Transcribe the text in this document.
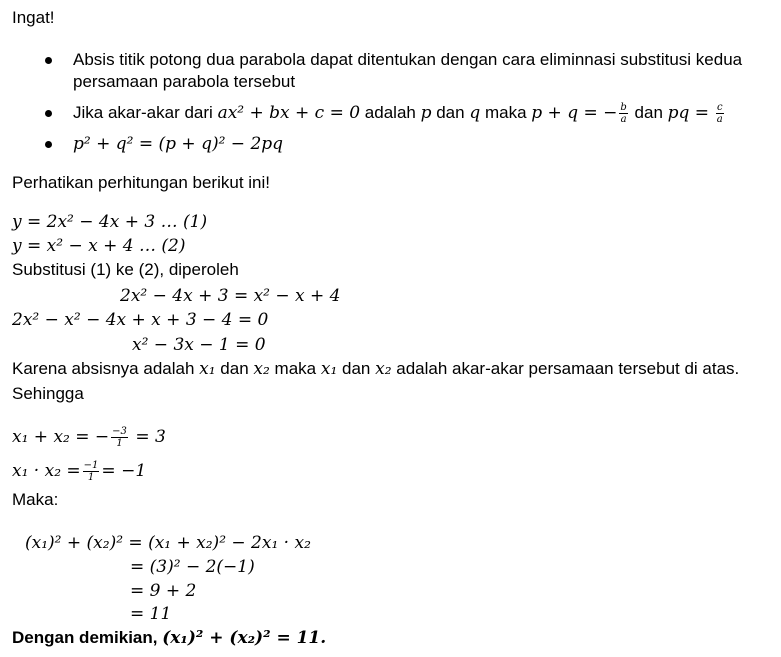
Ingat!
Absis titik potong dua parabola dapat ditentukan dengan cara eliminnasi substitusi kedua
persamaan parabola tersebut
Jika akar-akar dari ax² + bx + c = 0 adalah p dan q maka p + q = − $\frac{b}{a}$ dan pq = $\frac{c}{a}$
p² + q² = (p + q)² − 2pq
Perhatikan perhitungan berikut ini!
y = 2x² − 4x + 3 … (1)
y = x² − x + 4 … (2)
Substitusi (1) ke (2), diperoleh
2x² − 4x + 3 = x² − x + 4
2x² − x² − 4x + x + 3 − 4 = 0
x² − 3x − 1 = 0
Karena absisnya adalah x₁ dan x₂ maka x₁ dan x₂ adalah akar-akar persamaan tersebut di atas.
Sehingga
x₁ + x₂ = − $\frac{-3}{1} = 3$
$x_1 \cdot x_2 = \frac{-1}{1} = -1$
Maka:
(x₁)² + (x₂)² = (x₁ + x₂)² − 2x₁ · x₂
= (3)² − 2(−1)
= 9 + 2
= 11
Dengan demikian, (x₁)² + (x₂)² = 11.
